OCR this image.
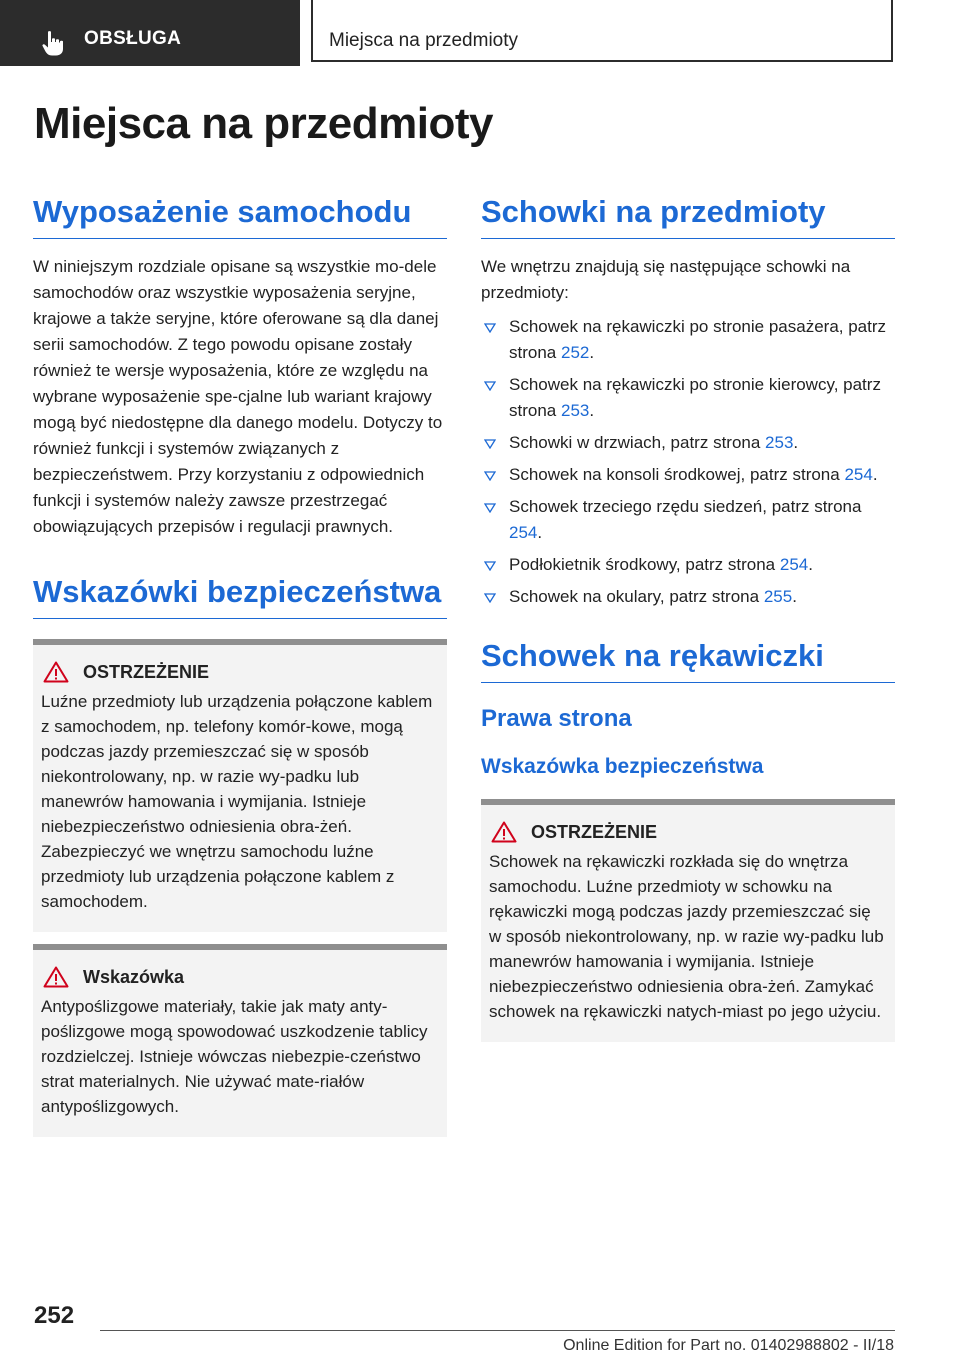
OBSŁUGA	Miejsca na przedmioty
Miejsca na przedmioty
Wyposażenie samochodu

W niniejszym rozdziale opisane są wszystkie mo-dele samochodów oraz wszystkie wyposażenia seryjne, krajowe a także seryjne, które oferowane są dla danej serii samochodów. Z tego powodu opisane zostały również te wersje wyposażenia, które ze względu na wybrane wyposażenie spe-cjalne lub wariant krajowy mogą być niedostępne dla danego modelu. Dotyczy to również funkcji i systemów związanych z bezpieczeństwem. Przy korzystaniu z odpowiednich funkcji i systemów należy zawsze przestrzegać obowiązujących przepisów i regulacji prawnych.

Wskazówki bezpieczeństwa
OSTRZEŻENIE

Luźne przedmioty lub urządzenia połączone kablem z samochodem, np. telefony komór-kowe, mogą podczas jazdy przemieszczać się w sposób niekontrolowany, np. w razie wy-padku lub manewrów hamowania i wymijania. Istnieje niebezpieczeństwo odniesienia obra-żeń. Zabezpieczyć we wnętrzu samochodu luźne przedmioty lub urządzenia połączone kablem z samochodem.

Wskazówka

Antypoślizgowe materiały, takie jak maty anty-poślizgowe mogą spowodować uszkodzenie tablicy rozdzielczej. Istnieje wówczas niebezpie-czeństwo strat materialnych. Nie używać mate-riałów antypoślizgowych.

Schowki na przedmioty

We wnętrzu znajdują się następujące schowki na przedmioty:

Schowek na rękawiczki po stronie pasażera, patrz strona 252.
Schowek na rękawiczki po stronie kierowcy, patrz strona 253.
Schowki w drzwiach, patrz strona 253.
Schowek na konsoli środkowej, patrz strona 254.
Schowek trzeciego rzędu siedzeń, patrz strona 254.
Podłokietnik środkowy, patrz strona 254.
Schowek na okulary, patrz strona 255.
Schowek na rękawiczki
Prawa strona
Wskazówka bezpieczeństwa
OSTRZEŻENIE

Schowek na rękawiczki rozkłada się do wnętrza samochodu. Luźne przedmioty w schowku na rękawiczki mogą podczas jazdy przemieszczać się w sposób niekontrolowany, np. w razie wy-padku lub manewrów hamowania i wymijania. Istnieje niebezpieczeństwo odniesienia obra-żeń. Zamykać schowek na rękawiczki natych-miast po jego użyciu.

252
Online Edition for Part no. 01402988802 - II/18
